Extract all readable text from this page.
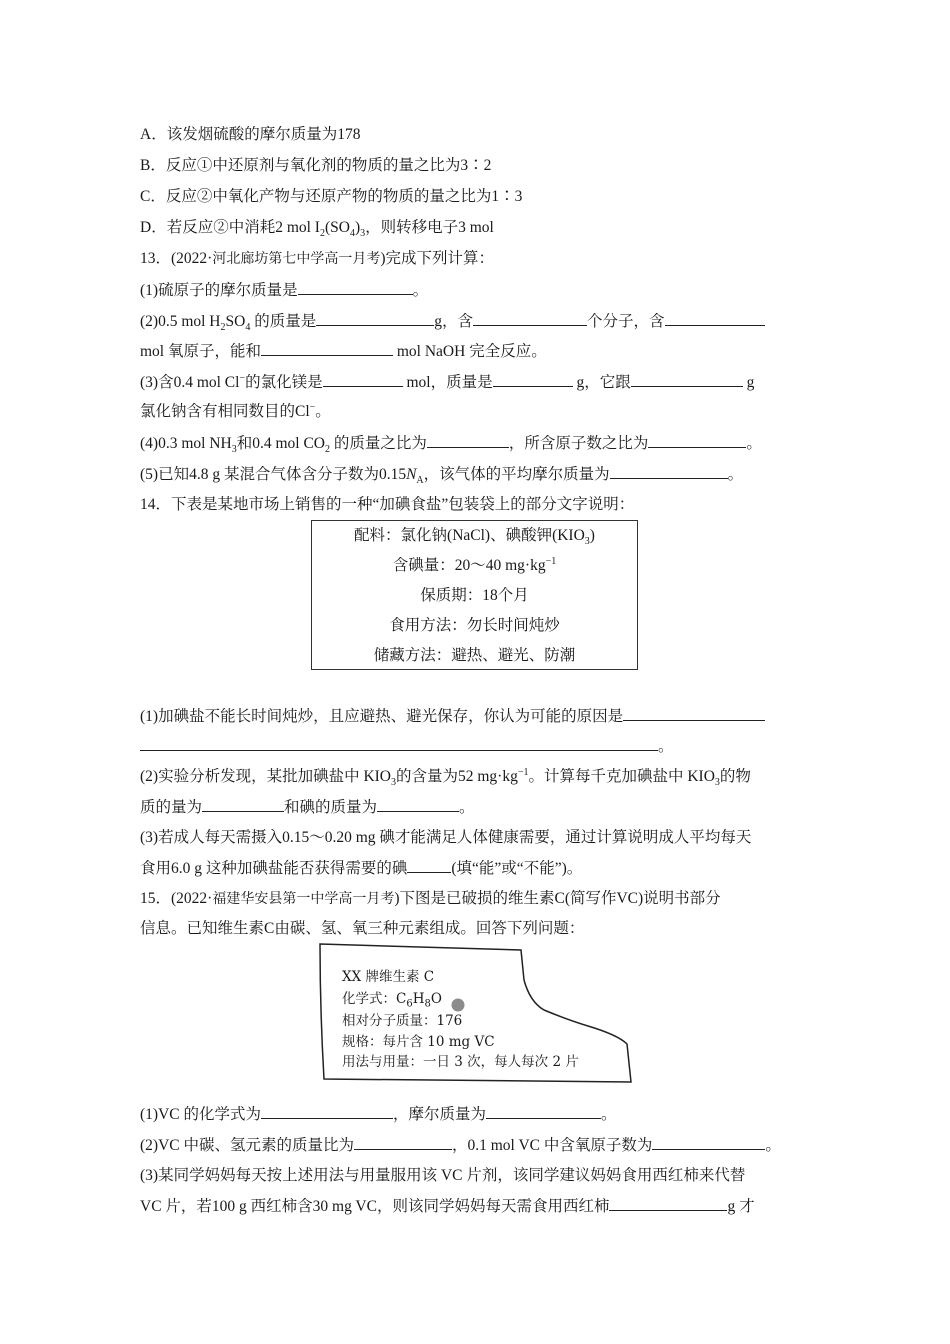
A．该发烟硫酸的摩尔质量为178
B．反应①中还原剂与氧化剂的物质的量之比为3∶2
C．反应②中氧化产物与还原产物的物质的量之比为1∶3
D．若反应②中消耗2 mol $I_2(SO_4)_3$，则转移电子3 mol
13．(2022·河北廊坊第七中学高一月考)完成下列计算：
(1)硫原子的摩尔质量是	。
(2)0.5 mol $H_2SO_4$ 的质量是	g，含	个分子，含
mol 氧原子，能和	mol NaOH 完全反应。
(3)含0.4 mol Cl−的氯化镁是	mol，质量是	g，它跟	g
氯化钠含有相同数目的Cl−。
(4)0.3 mol $NH_3$和0.4 mol $CO_2$ 的质量之比为	，所含原子数之比为	。
(5)已知4.8 g 某混合气体含分子数为$0.15N_A$，该气体的平均摩尔质量为	。
14．下表是某地市场上销售的一种“加碘食盐”包装袋上的部分文字说明：
配料：氯化钠(NaCl)、碘酸钾$(KIO_3)$
含碘量：20～40 $mg\cdot kg^{-1}$
保质期：18个月
食用方法：勿长时间炖炒
储藏方法：避热、避光、防潮
(1)加碘盐不能长时间炖炒，且应避热、避光保存，你认为可能的原因是
。
(2)实验分析发现，某批加碘盐中 $KIO_3$的含量为52 $mg\cdot kg^{-1}$。计算每千克加碘盐中 $KIO_3$的物
质的量为	和碘的质量为	。
(3)若成人每天需摄入0.15～0.20 mg 碘才能满足人体健康需要，通过计算说明成人平均每天
食用6.0 g 这种加碘盐能否获得需要的碘	(填“能”或“不能”)。
15．(2022·福建华安县第一中学高一月考)下图是已破损的维生素C(简写作VC)说明书部分
信息。已知维生素C由碳、氢、氧三种元素组成。回答下列问题：
XX 牌维生素 C
化学式：$C_6H_8O$
相对分子质量：176
规格：每片含 10 mg VC
用法与用量：一日 3 次，每人每次 2 片
(1)VC 的化学式为	，摩尔质量为	。
(2)VC 中碳、氢元素的质量比为	，0.1 mol VC 中含氧原子数为	。
(3)某同学妈妈每天按上述用法与用量服用该 VC 片剂，该同学建议妈妈食用西红柿来代替
VC 片，若100 g 西红柿含30 mg VC，则该同学妈妈每天需食用西红柿	g 才
